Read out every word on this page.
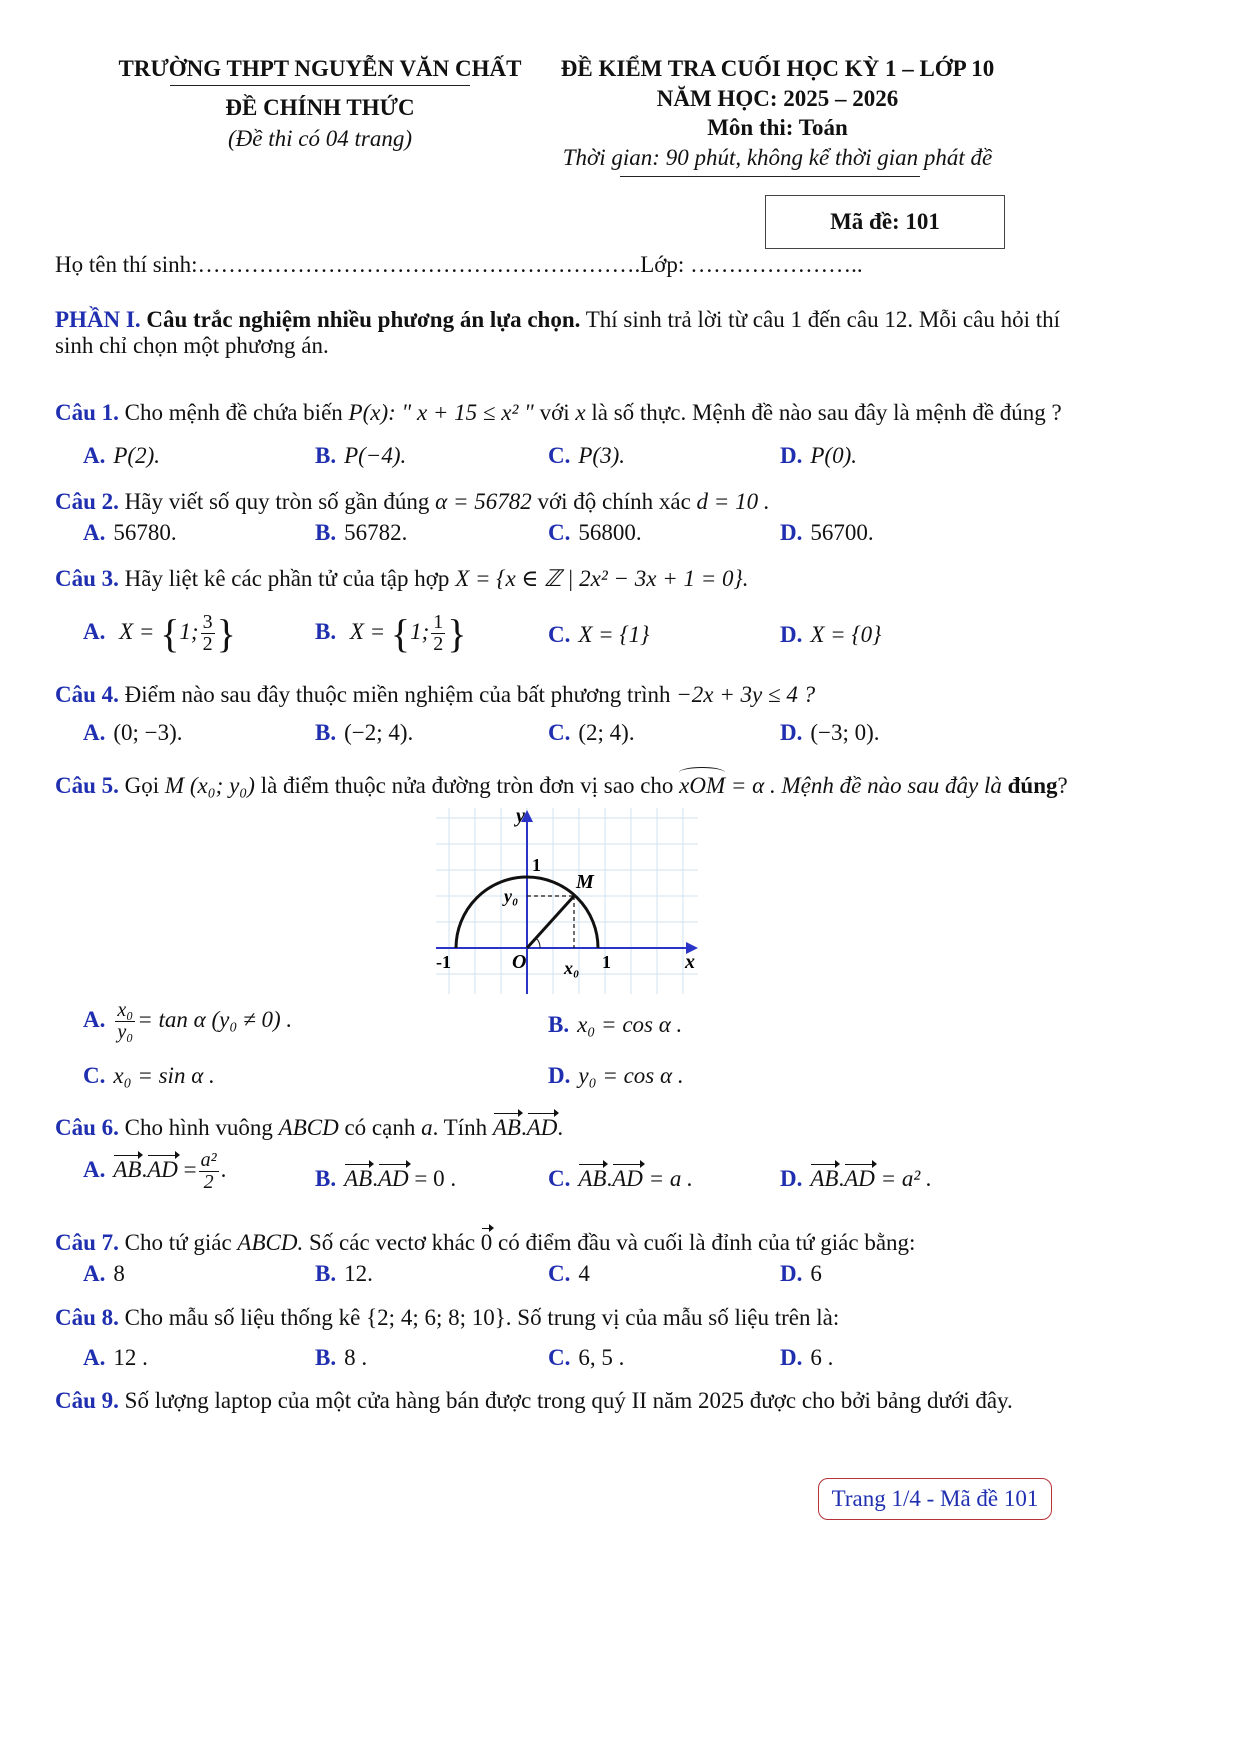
TRƯỜNG THPT NGUYỄN VĂN CHẤT
ĐỀ CHÍNH THỨC
(Đề thi có 04 trang)
ĐỀ KIỂM TRA CUỐI HỌC KỲ 1 – LỚP 10
NĂM HỌC: 2025 – 2026
Môn thi: Toán
Thời gian: 90 phút, không kể thời gian phát đề
Mã đề: 101
Họ tên thí sinh:………………………………………………….Lớp: …………………..
PHẦN I. Câu trắc nghiệm nhiều phương án lựa chọn. Thí sinh trả lời từ câu 1 đến câu 12. Mỗi câu hỏi thí
sinh chỉ chọn một phương án.
Câu 1. Cho mệnh đề chứa biến P(x): " x + 15 ≤ x² " với x là số thực. Mệnh đề nào sau đây là mệnh đề đúng ?
A. P(2).	B. P(−4).	C. P(3).	D. P(0).
Câu 2. Hãy viết số quy tròn số gần đúng α = 56782 với độ chính xác d = 10 .
A. 56780.	B. 56782.	C. 56800.	D. 56700.
Câu 3. Hãy liệt kê các phần tử của tập hợp X = {x ∈ ℤ | 2x² − 3x + 1 = 0}.
A. X = {1; $\frac{3}{2}$ }	B. X = {1; $\frac{1}{2}$ }	C. X = {1}	D. X = {0}
Câu 4. Điểm nào sau đây thuộc miền nghiệm của bất phương trình −2x + 3y ≤ 4 ?
A. (0; −3).	B. (−2; 4).	C. (2; 4).	D. (−3; 0).
Câu 5. Gọi M (x₀; y₀) là điểm thuộc nửa đường tròn đơn vị sao cho xOM = α . Mệnh đề nào sau đây là đúng?
y
x
1
y₀
M
-1	O x₀ 1
A. $\frac{\text{x₀}}{\text{y₀}} = \tan \alpha$ (y₀ ≠ 0) .	B. x₀ = cos α .
C. x₀ = sin α .	D. y₀ = cos α .
Câu 6. Cho hình vuông ABCD có cạnh a. Tính AB.AD.
A. $AB.AD = \frac{\text{a²}}{2}$ .	B. AB.AD = 0 .	C. AB.AD = a .	D. AB.AD = a² .
Câu 7. Cho tứ giác ABCD. Số các vectơ khác 0 có điểm đầu và cuối là đỉnh của tứ giác bằng:
A. 8	B. 12.	C. 4	D. 6
Câu 8. Cho mẫu số liệu thống kê {2; 4; 6; 8; 10}. Số trung vị của mẫu số liệu trên là:
A. 12 .	B. 8 .	C. 6, 5 .	D. 6 .
Câu 9. Số lượng laptop của một cửa hàng bán được trong quý II năm 2025 được cho bởi bảng dưới đây.
Trang 1/4 - Mã đề 101
